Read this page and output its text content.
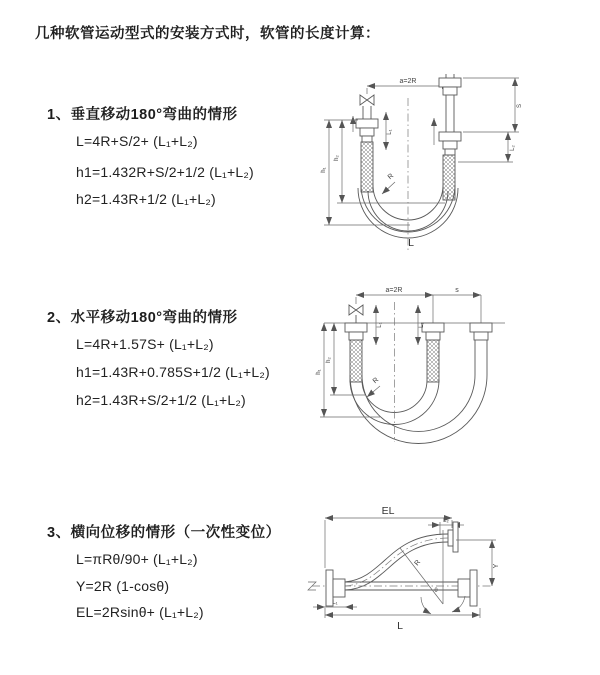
几种软管运动型式的安装方式时，软管的长度计算：
1、垂直移动180°弯曲的情形
L=4R+S/2+ (L₁+L₂)
h1=1.432R+S/2+1/2 (L₁+L₂)
h2=1.43R+1/2 (L₁+L₂)
2、水平移动180°弯曲的情形
L=4R+1.57S+ (L₁+L₂)
h1=1.43R+0.785S+1/2 (L₁+L₂)
h2=1.43R+S/2+1/2 (L₁+L₂)
3、横向位移的情形（一次性变位）
L=πRθ/90+ (L₁+L₂)
Y=2R (1-cosθ)
EL=2Rsinθ+ (L₁+L₂)
a=2R
L₁
S
L₂
h₁
h₂
R
L
a=2R	s
L₁	L₂
h₁
h₂
R
EL
L₂
Y
θ
R
L₁
L
